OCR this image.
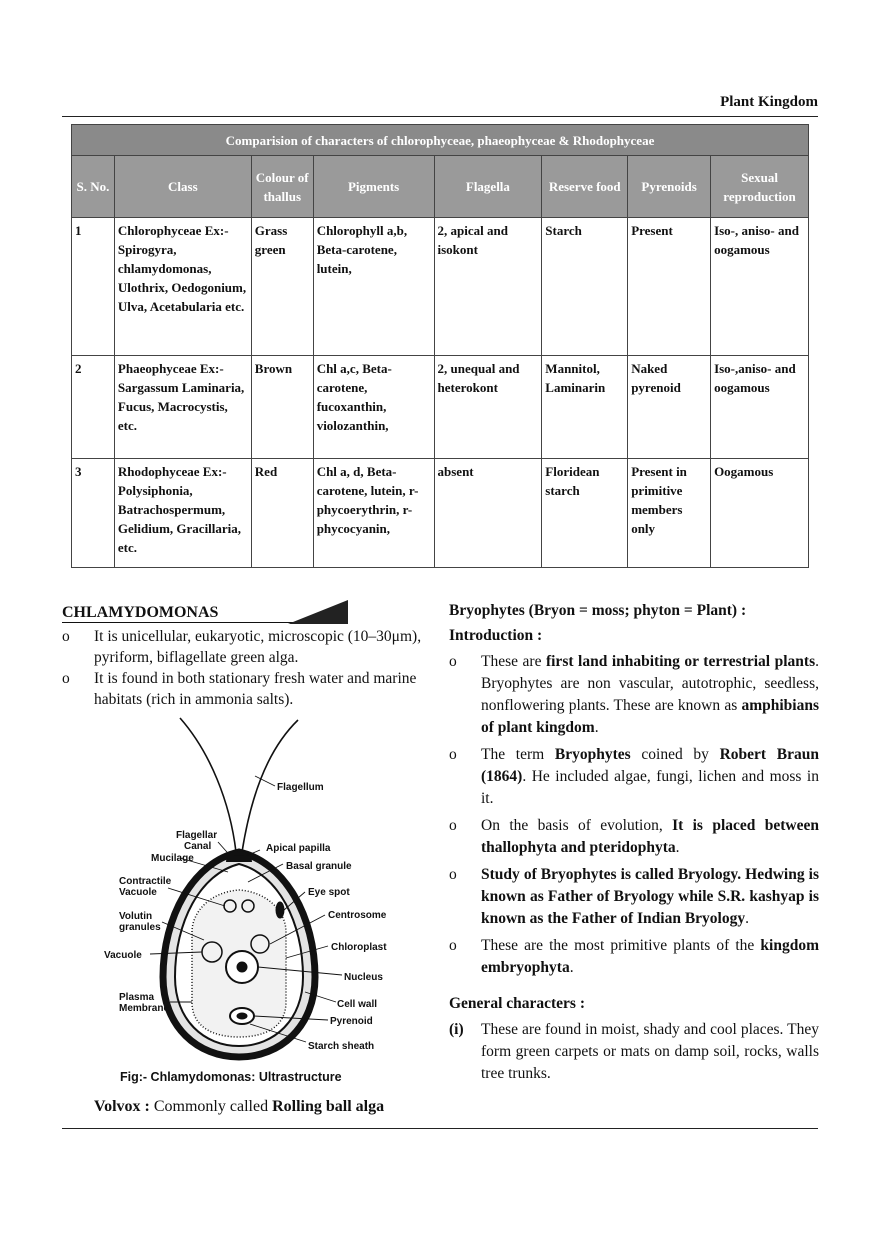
Plant Kingdom
Comparision of characters of chlorophyceae, phaeophyceae & Rhodophyceae							
S. No.	Class	Colour of thallus	Pigments	Flagella	Reserve food	Pyrenoids	Sexual reproduction
1	Chlorophyceae Ex:- Spirogyra, chlamydomonas, Ulothrix, Oedogonium, Ulva, Acetabularia etc.	Grass green	Chlorophyll a,b, Beta-carotene, lutein,	2, apical and isokont	Starch	Present	Iso-, aniso- and oogamous
2	Phaeophyceae Ex:- Sargassum Laminaria, Fucus, Macrocystis, etc.	Brown	Chl a,c, Beta-carotene, fucoxanthin, violozanthin,	2, unequal and heterokont	Mannitol, Laminarin	Naked pyrenoid	Iso-,aniso- and oogamous
3	Rhodophyceae Ex:-Polysiphonia, Batrachospermum, Gelidium, Gracillaria, etc.	Red	Chl a, d, Beta-carotene, lutein, r-phycoerythrin, r-phycocyanin,	absent	Floridean starch	Present in primitive members only	Oogamous
CHLAMYDOMONAS
o It is unicellular, eukaryotic, microscopic (10–30μm), pyriform, biflagellate green alga.
o It is found in both stationary fresh water and marine habitats (rich in ammonia salts).
Flagellum
Flagellar
Canal
Mucilage
Apical papilla
Basal granule
Contractile
Vacuole	Eye spot
Volutin
granules
Centrosome
Chloroplast
Vacuole
Nucleus
Plasma
Membrane	Cell wall
Pyrenoid
Starch sheath
Fig:- Chlamydomonas: Ultrastructure
Volvox : Commonly called Rolling ball alga
Bryophytes (Bryon = moss; phyton = Plant) :
Introduction :
o These are first land inhabiting or terrestrial plants. Bryophytes are non vascular, autotrophic, seedless, nonflowering plants. These are known as amphibians of plant kingdom.
o The term Bryophytes coined by Robert Braun (1864). He included algae, fungi, lichen and moss in it.
o On the basis of evolution, It is placed between thallophyta and pteridophyta.
o Study of Bryophytes is called Bryology. Hedwing is known as Father of Bryology while S.R. kashyap is known as the Father of Indian Bryology.
o These are the most primitive plants of the kingdom embryophyta.
General characters :
(i) These are found in moist, shady and cool places. They form green carpets or mats on damp soil, rocks, walls tree trunks.
